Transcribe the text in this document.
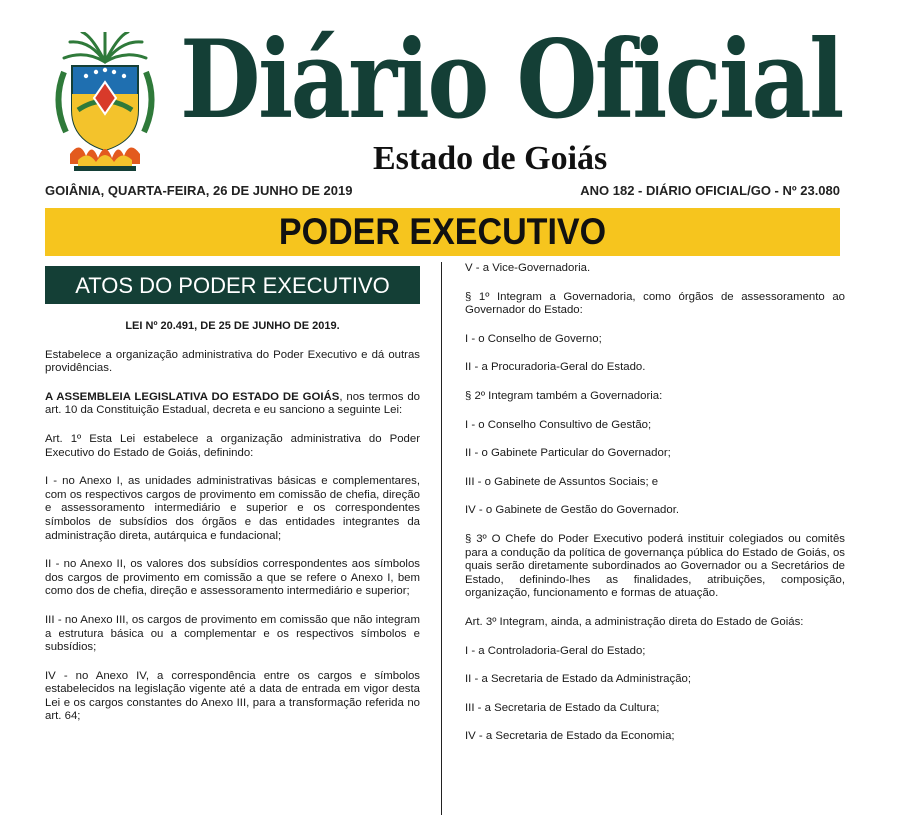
Diário Oficial
Estado de Goiás
GOIÂNIA, QUARTA-FEIRA, 26 DE JUNHO DE 2019	ANO 182 - DIÁRIO OFICIAL/GO - Nº 23.080
PODER EXECUTIVO
ATOS DO PODER EXECUTIVO

LEI Nº 20.491, DE 25 DE JUNHO DE 2019.

Estabelece a organização administrativa do Poder Executivo e dá outras providências.

A ASSEMBLEIA LEGISLATIVA DO ESTADO DE GOIÁS, nos termos do art. 10 da Constituição Estadual, decreta e eu sanciono a seguinte Lei:

Art. 1º Esta Lei estabelece a organização administrativa do Poder Executivo do Estado de Goiás, definindo:

I - no Anexo I, as unidades administrativas básicas e complementares, com os respectivos cargos de provimento em comissão de chefia, direção e assessoramento intermediário e superior e os correspondentes símbolos de subsídios dos órgãos e das entidades integrantes da administração direta, autárquica e fundacional;

II - no Anexo II, os valores dos subsídios correspondentes aos símbolos dos cargos de provimento em comissão a que se refere o Anexo I, bem como dos de chefia, direção e assessoramento intermediário e superior;

III - no Anexo III, os cargos de provimento em comissão que não integram a estrutura básica ou a complementar e os respectivos símbolos e subsídios;

IV - no Anexo IV, a correspondência entre os cargos e símbolos estabelecidos na legislação vigente até a data de entrada em vigor desta Lei e os cargos constantes do Anexo III, para a transformação referida no art. 64;

V - a Vice-Governadoria.

§ 1º Integram a Governadoria, como órgãos de assessoramento ao Governador do Estado:

I - o Conselho de Governo;

II - a Procuradoria-Geral do Estado.

§ 2º Integram também a Governadoria:

I - o Conselho Consultivo de Gestão;

II - o Gabinete Particular do Governador;

III - o Gabinete de Assuntos Sociais; e

IV - o Gabinete de Gestão do Governador.

§ 3º O Chefe do Poder Executivo poderá instituir colegiados ou comitês para a condução da política de governança pública do Estado de Goiás, os quais serão diretamente subordinados ao Governador ou a Secretários de Estado, definindo-lhes as finalidades, atribuições, composição, organização, funcionamento e formas de atuação.

Art. 3º Integram, ainda, a administração direta do Estado de Goiás:

I - a Controladoria-Geral do Estado;

II - a Secretaria de Estado da Administração;

III - a Secretaria de Estado da Cultura;

IV - a Secretaria de Estado da Economia;
